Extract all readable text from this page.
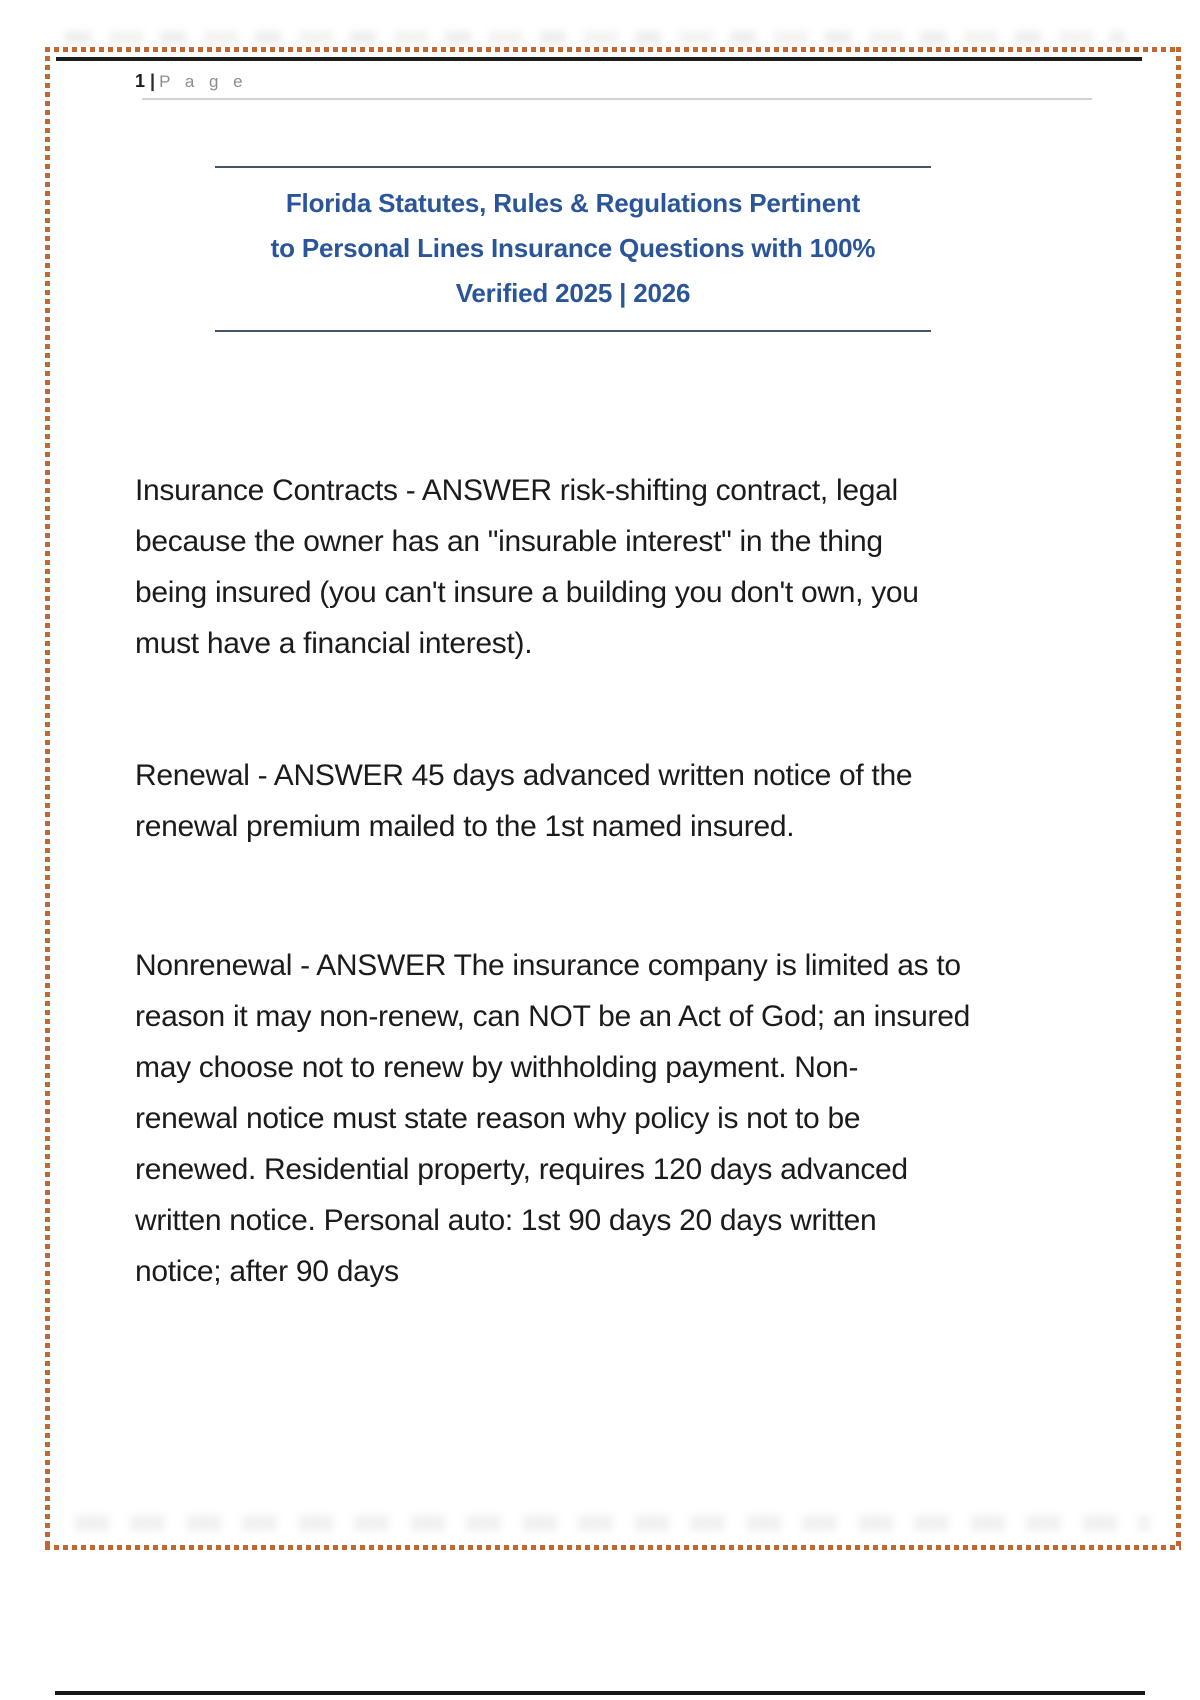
1 | P a g e
Florida Statutes, Rules & Regulations Pertinent
to Personal Lines Insurance Questions with 100%
Verified 2025 | 2026
Insurance Contracts - ANSWER risk-shifting contract, legal
because the owner has an "insurable interest" in the thing
being insured (you can't insure a building you don't own, you
must have a financial interest).
Renewal - ANSWER 45 days advanced written notice of the
renewal premium mailed to the 1st named insured.
Nonrenewal - ANSWER The insurance company is limited as to
reason it may non-renew, can NOT be an Act of God; an insured
may choose not to renew by withholding payment. Non-
renewal notice must state reason why policy is not to be
renewed. Residential property, requires 120 days advanced
written notice. Personal auto: 1st 90 days 20 days written
notice; after 90 days
